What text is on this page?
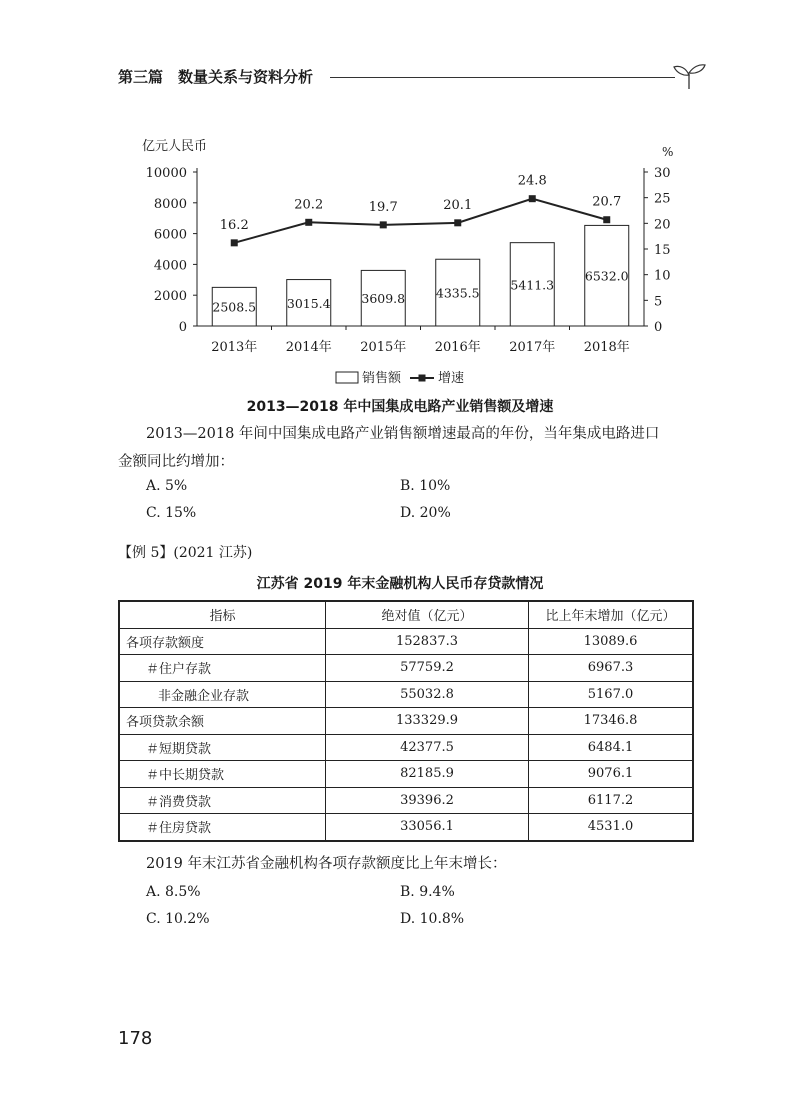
第三篇　数量关系与资料分析
亿元人民币	%
0
2000
4000
6000
8000
10000
0
5
10
15
20
25
30
2013年 2014年 2015年 2016年 2017年 2018年
2508.5 3015.4 3609.8 4335.5
5411.3
6532.0
16.2
20.2	19.7	20.1
24.8
20.7
销售额	增速
2013—2018 年中国集成电路产业销售额及增速
2013—2018 年间中国集成电路产业销售额增速最高的年份，当年集成电路进口
金额同比约增加：
A. 5%	B. 10%
C. 15%	D. 20%
【例 5】(2021 江苏)
江苏省 2019 年末金融机构人民币存贷款情况
指标	绝对值（亿元）	比上年末增加（亿元）
各项存款额度	152837.3	13089.6
＃住户存款	57759.2	6967.3
非金融企业存款	55032.8	5167.0
各项贷款余额	133329.9	17346.8
＃短期贷款	42377.5	6484.1
＃中长期贷款	82185.9	9076.1
＃消费贷款	39396.2	6117.2
＃住房贷款	33056.1	4531.0
2019 年末江苏省金融机构各项存款额度比上年末增长：
A. 8.5%	B. 9.4%
C. 10.2%	D. 10.8%
178
